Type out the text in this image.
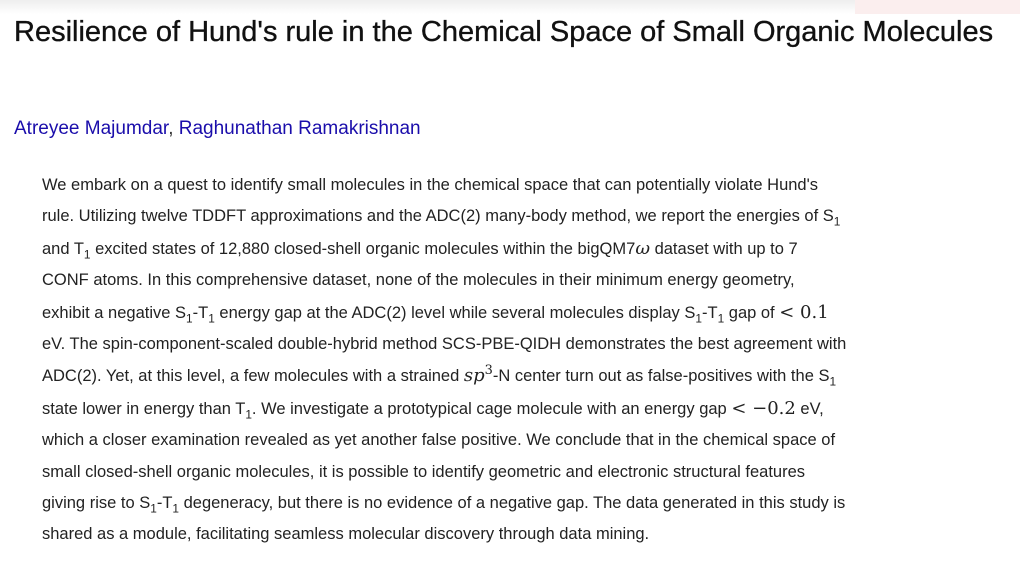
Resilience of Hund's rule in the Chemical Space of Small Organic Molecules
Atreyee Majumdar, Raghunathan Ramakrishnan
We embark on a quest to identify small molecules in the chemical space that can potentially violate Hund's
rule. Utilizing twelve TDDFT approximations and the ADC(2) many-body method, we report the energies of $S_1$
and $T_1$ excited states of 12,880 closed-shell organic molecules within the bigQM7ω dataset with up to 7
CONF atoms. In this comprehensive dataset, none of the molecules in their minimum energy geometry,
exhibit a negative $S_1-T_1$ energy gap at the ADC(2) level while several molecules display $S_1-T_1$ gap of < 0.1
eV. The spin-component-scaled double-hybrid method SCS-PBE-QIDH demonstrates the best agreement with
ADC(2). Yet, at this level, a few molecules with a strained $sp^3-N$ center turn out as false-positives with the $S_1$
state lower in energy than $T_1$. We investigate a prototypical cage molecule with an energy gap < −0.2 eV,
which a closer examination revealed as yet another false positive. We conclude that in the chemical space of
small closed-shell organic molecules, it is possible to identify geometric and electronic structural features
giving rise to $S_1-T_1$ degeneracy, but there is no evidence of a negative gap. The data generated in this study is
shared as a module, facilitating seamless molecular discovery through data mining.
